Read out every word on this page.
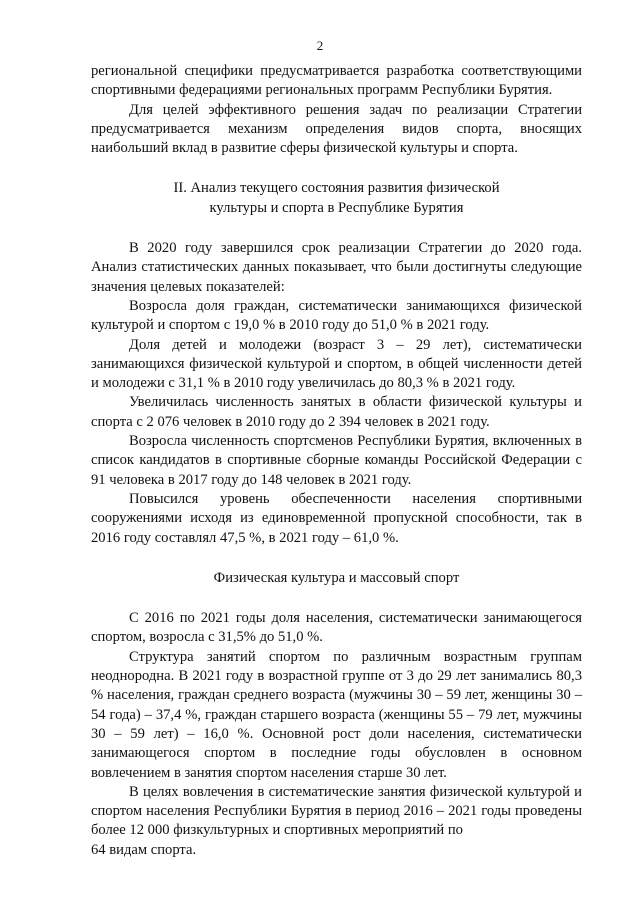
2

региональной специфики предусматривается разработка соответствующими спортивными федерациями региональных программ Республики Бурятия.

Для целей эффективного решения задач по реализации Стратегии предусматривается механизм определения видов спорта, вносящих наибольший вклад в развитие сферы физической культуры и спорта.

II. Анализ текущего состояния развития физической

культуры и спорта в Республике Бурятия

В 2020 году завершился срок реализации Стратегии до 2020 года. Анализ статистических данных показывает, что были достигнуты следующие значения целевых показателей:

Возросла доля граждан, систематически занимающихся физической культурой и спортом с 19,0 % в 2010 году до 51,0 % в 2021 году.

Доля детей и молодежи (возраст 3 – 29 лет), систематически занимающихся физической культурой и спортом, в общей численности детей и молодежи с 31,1 % в 2010 году увеличилась до 80,3 % в 2021 году.

Увеличилась численность занятых в области физической культуры и спорта с 2 076 человек в 2010 году до 2 394 человек в 2021 году.

Возросла численность спортсменов Республики Бурятия, включенных в список кандидатов в спортивные сборные команды Российской Федерации с 91 человека в 2017 году до 148 человек в 2021 году.

Повысился уровень обеспеченности населения спортивными сооружениями исходя из единовременной пропускной способности, так в 2016 году составлял 47,5 %, в 2021 году – 61,0 %.

Физическая культура и массовый спорт

С 2016 по 2021 годы доля населения, систематически занимающегося спортом, возросла с 31,5% до 51,0 %.

Структура занятий спортом по различным возрастным группам неоднородна. В 2021 году в возрастной группе от 3 до 29 лет занимались 80,3 % населения, граждан среднего возраста (мужчины 30 – 59 лет, женщины 30 –54 года) – 37,4 %, граждан старшего возраста (женщины 55 – 79 лет, мужчины 30 – 59 лет) – 16,0 %. Основной рост доли населения, систематически занимающегося спортом в последние годы обусловлен в основном вовлечением в занятия спортом населения старше 30 лет.

В целях вовлечения в систематические занятия физической культурой и спортом населения Республики Бурятия в период 2016 – 2021 годы проведены более 12 000 физкультурных и спортивных мероприятий по

64 видам спорта.
